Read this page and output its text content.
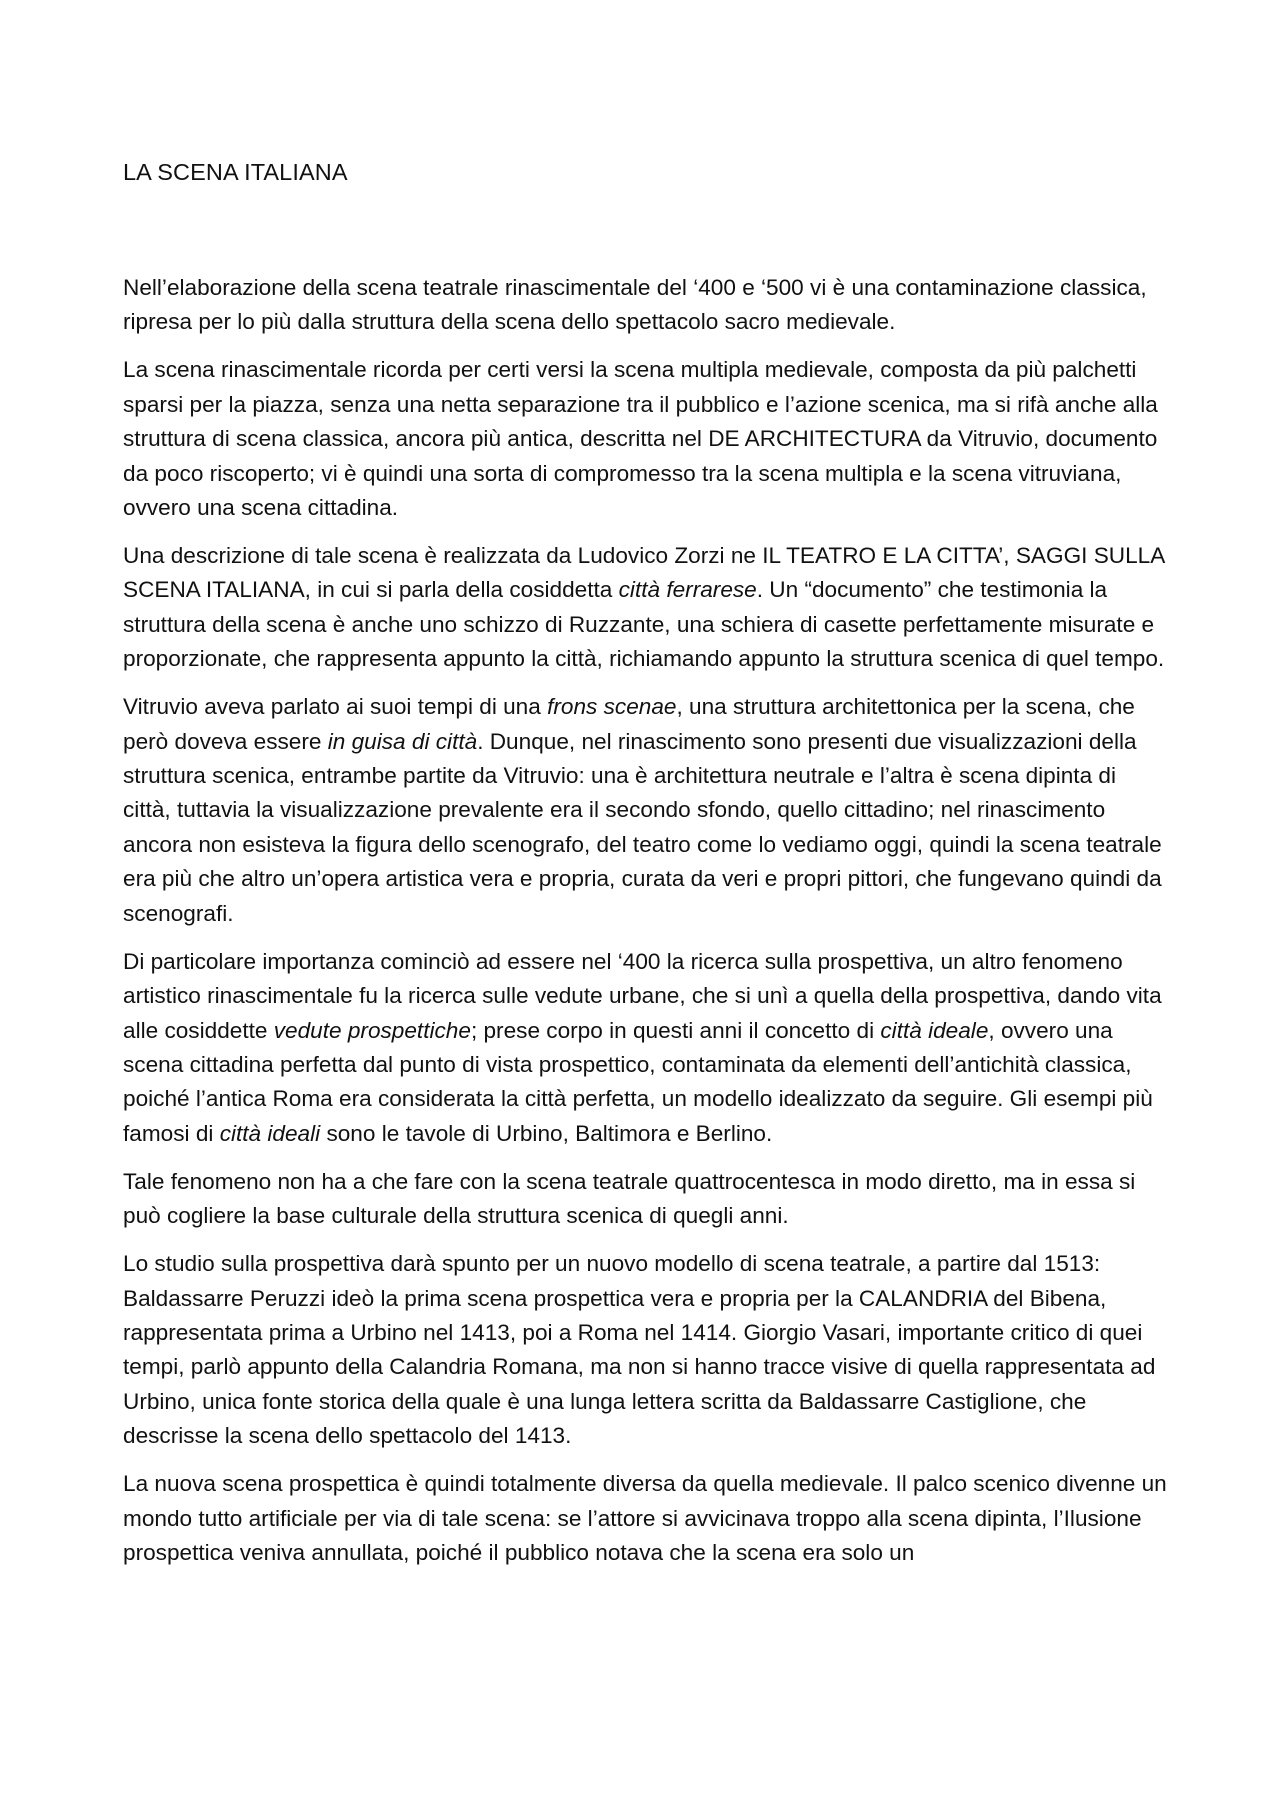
LA SCENA ITALIANA

Nell’elaborazione della scena teatrale rinascimentale del ‘400 e ‘500 vi è una contaminazione classica, ripresa per lo più dalla struttura della scena dello spettacolo sacro medievale.

La scena rinascimentale ricorda per certi versi la scena multipla medievale, composta da più palchetti sparsi per la piazza, senza una netta separazione tra il pubblico e l’azione scenica, ma si rifà anche alla struttura di scena classica, ancora più antica, descritta nel DE ARCHITECTURA da Vitruvio, documento da poco riscoperto; vi è quindi una sorta di compromesso tra la scena multipla e la scena vitruviana, ovvero una scena cittadina.

Una descrizione di tale scena è realizzata da Ludovico Zorzi ne IL TEATRO E LA CITTA’, SAGGI SULLA SCENA ITALIANA, in cui si parla della cosiddetta città ferrarese. Un “documento” che testimonia la struttura della scena è anche uno schizzo di Ruzzante, una schiera di casette perfettamente misurate e proporzionate, che rappresenta appunto la città, richiamando appunto la struttura scenica di quel tempo.

Vitruvio aveva parlato ai suoi tempi di una frons scenae, una struttura architettonica per la scena, che però doveva essere in guisa di città. Dunque, nel rinascimento sono presenti due visualizzazioni della struttura scenica, entrambe partite da Vitruvio: una è architettura neutrale e l’altra è scena dipinta di città, tuttavia la visualizzazione prevalente era il secondo sfondo, quello cittadino; nel rinascimento ancora non esisteva la figura dello scenografo, del teatro come lo vediamo oggi, quindi la scena teatrale era più che altro un’opera artistica vera e propria, curata da veri e propri pittori, che fungevano quindi da scenografi.

Di particolare importanza cominciò ad essere nel ‘400 la ricerca sulla prospettiva, un altro fenomeno artistico rinascimentale fu la ricerca sulle vedute urbane, che si unì a quella della prospettiva, dando vita alle cosiddette vedute prospettiche; prese corpo in questi anni il concetto di città ideale, ovvero una scena cittadina perfetta dal punto di vista prospettico, contaminata da elementi dell’antichità classica, poiché l’antica Roma era considerata la città perfetta, un modello idealizzato da seguire. Gli esempi più famosi di città ideali sono le tavole di Urbino, Baltimora e Berlino.

Tale fenomeno non ha a che fare con la scena teatrale quattrocentesca in modo diretto, ma in essa si può cogliere la base culturale della struttura scenica di quegli anni.

Lo studio sulla prospettiva darà spunto per un nuovo modello di scena teatrale, a partire dal 1513: Baldassarre Peruzzi ideò la prima scena prospettica vera e propria per la CALANDRIA del Bibena, rappresentata prima a Urbino nel 1413, poi a Roma nel 1414. Giorgio Vasari, importante critico di quei tempi, parlò appunto della Calandria Romana, ma non si hanno tracce visive di quella rappresentata ad Urbino, unica fonte storica della quale è una lunga lettera scritta da Baldassarre Castiglione, che descrisse la scena dello spettacolo del 1413.

La nuova scena prospettica è quindi totalmente diversa da quella medievale. Il palco scenico divenne un mondo tutto artificiale per via di tale scena: se l’attore si avvicinava troppo alla scena dipinta, l’Ilusione prospettica veniva annullata, poiché il pubblico notava che la scena era solo un
